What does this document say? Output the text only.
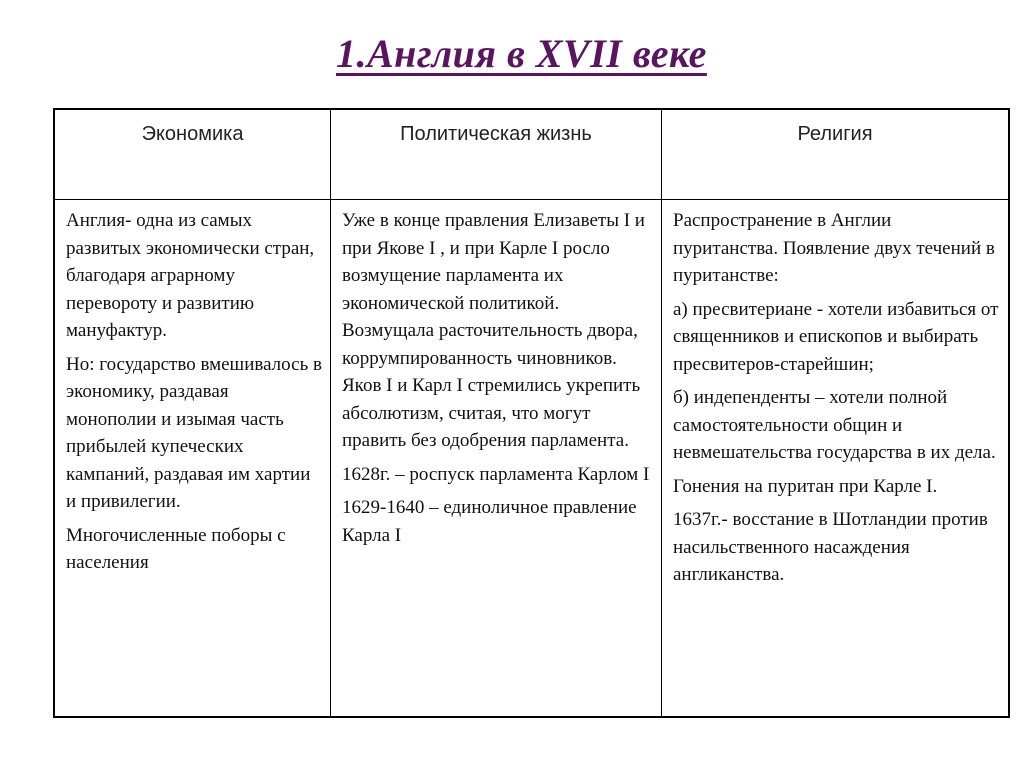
1.Англия в XVII веке
Экономика	Политическая жизнь	Религия

Англия- одна из самых развитых экономически стран, благодаря аграрному перевороту и развитию мануфактур.

Но: государство вмешивалось в экономику, раздавая монополии и изымая часть прибылей купеческих кампаний, раздавая им хартии и привилегии.

Многочисленные поборы с населения

Уже в конце правления Елизаветы I и при Якове I , и при Карле I росло возмущение парламента их экономической политикой. Возмущала расточительность двора, коррумпированность чиновников. Яков I и Карл I стремились укрепить абсолютизм, считая, что могут править без одобрения парламента.

1628г. – роспуск парламента Карлом I

1629-1640 – единоличное правление Карла I

Распространение в Англии пуританства. Появление двух течений в пуританстве:

а) пресвитериане - хотели избавиться от священников и епископов и выбирать пресвитеров-старейшин;

б) индепенденты – хотели полной самостоятельности общин и невмешательства государства в их дела.

Гонения на пуритан при Карле I.

1637г.- восстание в Шотландии против насильственного насаждения англиканства.
